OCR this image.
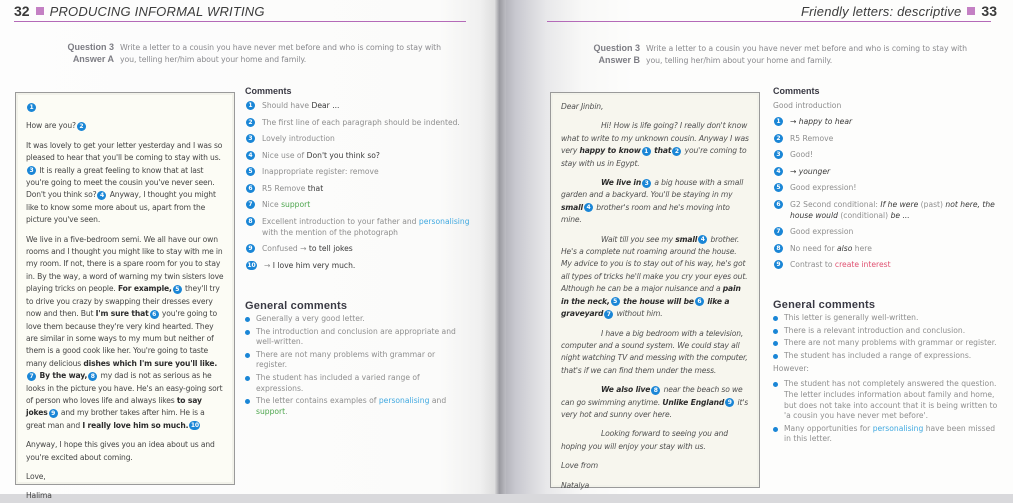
32 PRODUCING INFORMAL WRITING
Question 3 Write a letter to a cousin you have never met before and who is coming to stay with
Answer A you, telling her/him about your home and family.

1

How are you? 2

It was lovely to get your letter yesterday and I was so pleased to hear that you'll be coming to stay with us.3 It is really a great feeling to know that at last you're going to meet the cousin you've never seen. Don't you think so? 4 Anyway, I thought you might like to know some more about us, apart from the picture you've seen.

We live in a five-bedroom semi. We all have our own rooms and I thought you might like to stay with me in my room. If not, there is a spare room for you to stay in. By the way, a word of warning my twin sisters love playing tricks on people. For example, 5 they'll try to drive you crazy by swapping their dresses every now and then. But I'm sure that 6 you're going to love them because they're very kind hearted. They are similar in some ways to my mum but neither of them is a good cook like her. You're going to taste many delicious dishes which I'm sure you'll like.7 By the way, 8 my dad is not as serious as he looks in the picture you have. He's an easy-going sort of person who loves life and always likes to say jokes 9 and my brother takes after him. He is a great man and I really love him so much. 10

Anyway, I hope this gives you an idea about us and you're excited about coming.

Love,

Halima

Comments
1	Should have Dear ...
2	The first line of each paragraph should be indented.
3	Lovely introduction
4	Nice use of Don't you think so?
5	Inappropriate register: remove
6	R5 Remove that
7	Nice support
8	Excellent introduction to your father and personalising with the mention of the photograph
9	Confused → to tell jokes
10 → I love him very much.
General comments
Generally a very good letter.
The introduction and conclusion are appropriate and well-written.
There are not many problems with grammar or register.
The student has included a varied range of expressions.
The letter contains examples of personalising and support.
Friendly letters: descriptive 33
Question 3 Write a letter to a cousin you have never met before and who is coming to stay with
Answer B you, telling her/him about your home and family.

Dear Jinbin,

Hi! How is life going? I really don't know what to write to my unknown cousin. Anyway I was very happy to know 1 that 2 you're coming to stay with us in Egypt.

We live in 3 a big house with a small garden and a backyard. You'll be staying in my small 4 brother's room and he's moving into mine.

Wait till you see my small 4 brother. He's a complete nut roaming around the house. My advice to you is to stay out of his way, he's got all types of tricks he'll make you cry your eyes out. Although he can be a major nuisance and a pain in the neck, 5 the house will be 6 like a graveyard 7 without him.

I have a big bedroom with a television, computer and a sound system. We could stay all night watching TV and messing with the computer, that's if we can find them under the mess.

We also live 8 near the beach so we can go swimming anytime. Unlike England 9 it's very hot and sunny over here.

Looking forward to seeing you and hoping you will enjoy your stay with us.

Love from

Natalya

Comments
Good introduction
1	→ happy to hear
2	R5 Remove
3	Good!
4	→ younger
5	Good expression!
6	G2 Second conditional: If he were (past) not here, the house would (conditional) be ...
7	Good expression
8	No need for also here
9	Contrast to create interest
General comments
This letter is generally well-written.
There is a relevant introduction and conclusion.
There are not many problems with grammar or register.
The student has included a range of expressions.
However:
The student has not completely answered the question. The letter includes information about family and home, but does not take into account that it is being written to 'a cousin you have never met before'.
Many opportunities for personalising have been missed in this letter.
